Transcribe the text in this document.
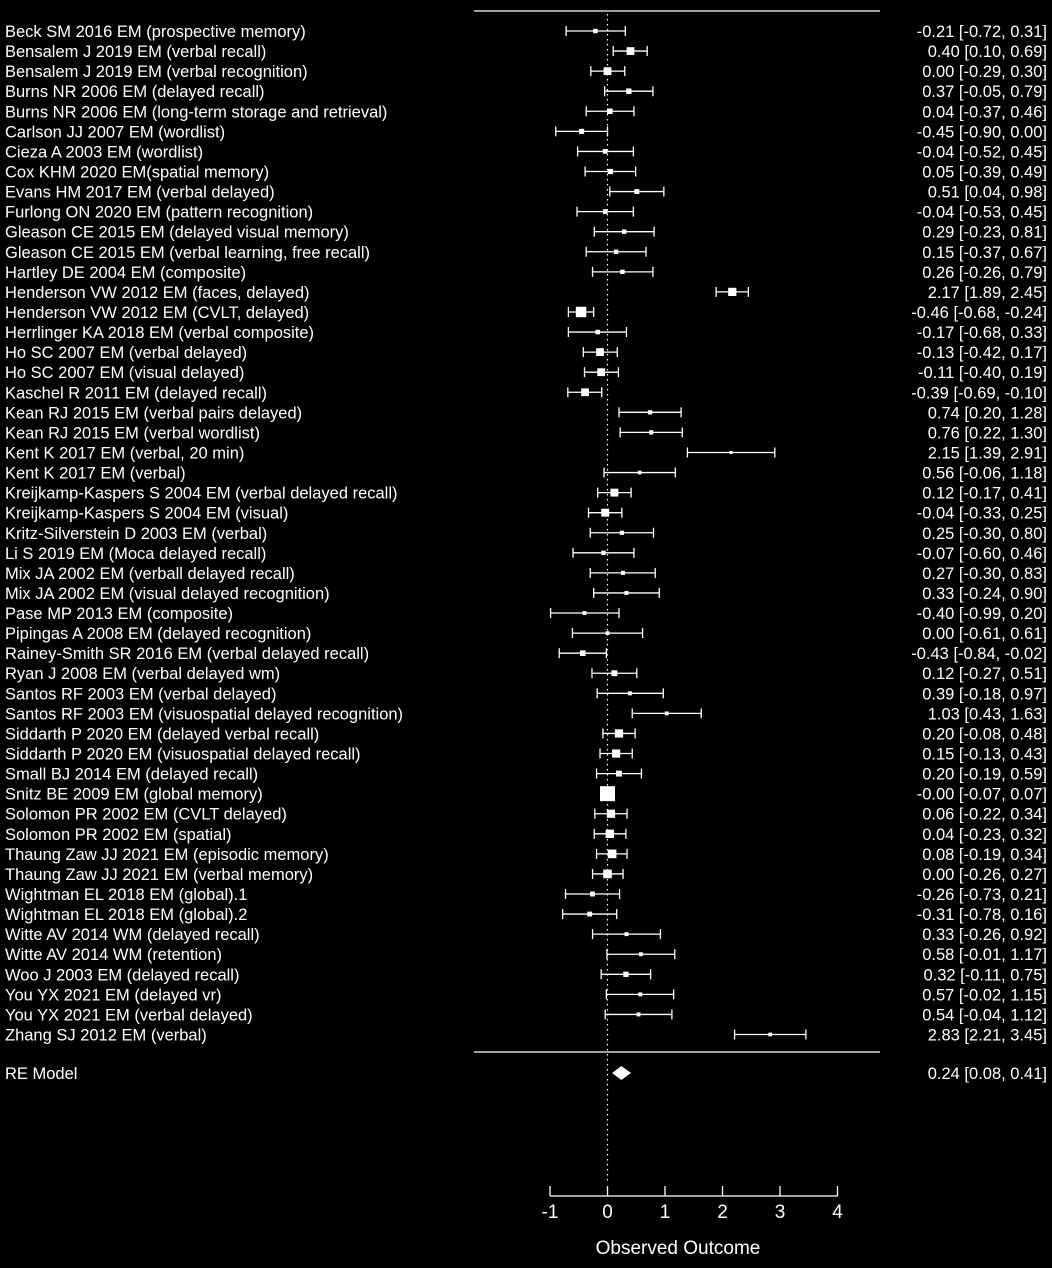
Beck SM 2016 EM (prospective memory)	-0.21 [-0.72, 0.31]
Bensalem J 2019 EM (verbal recall)	0.40 [0.10, 0.69]
Bensalem J 2019 EM (verbal recognition)	0.00 [-0.29, 0.30]
Burns NR 2006 EM (delayed recall)	0.37 [-0.05, 0.79]
Burns NR 2006 EM (long-term storage and retrieval)	0.04 [-0.37, 0.46]
Carlson JJ 2007 EM (wordlist)	-0.45 [-0.90, 0.00]
Cieza A 2003 EM (wordlist)	-0.04 [-0.52, 0.45]
Cox KHM 2020 EM(spatial memory)	0.05 [-0.39, 0.49]
Evans HM 2017 EM (verbal delayed)	0.51 [0.04, 0.98]
Furlong ON 2020 EM (pattern recognition)	-0.04 [-0.53, 0.45]
Gleason CE 2015 EM (delayed visual memory)	0.29 [-0.23, 0.81]
Gleason CE 2015 EM (verbal learning, free recall)	0.15 [-0.37, 0.67]
Hartley DE 2004 EM (composite)	0.26 [-0.26, 0.79]
Henderson VW 2012 EM (faces, delayed)	2.17 [1.89, 2.45]
Henderson VW 2012 EM (CVLT, delayed)	-0.46 [-0.68, -0.24]
Herrlinger KA 2018 EM (verbal composite)	-0.17 [-0.68, 0.33]
Ho SC 2007 EM (verbal delayed)	-0.13 [-0.42, 0.17]
Ho SC 2007 EM (visual delayed)	-0.11 [-0.40, 0.19]
Kaschel R 2011 EM (delayed recall)	-0.39 [-0.69, -0.10]
Kean RJ 2015 EM (verbal pairs delayed)	0.74 [0.20, 1.28]
Kean RJ 2015 EM (verbal wordlist)	0.76 [0.22, 1.30]
Kent K 2017 EM (verbal, 20 min)	2.15 [1.39, 2.91]
Kent K 2017 EM (verbal)	0.56 [-0.06, 1.18]
Kreijkamp-Kaspers S 2004 EM (verbal delayed recall)	0.12 [-0.17, 0.41]
Kreijkamp-Kaspers S 2004 EM (visual)	-0.04 [-0.33, 0.25]
Kritz-Silverstein D 2003 EM (verbal)	0.25 [-0.30, 0.80]
Li S 2019 EM (Moca delayed recall)	-0.07 [-0.60, 0.46]
Mix JA 2002 EM (verball delayed recall)	0.27 [-0.30, 0.83]
Mix JA 2002 EM (visual delayed recognition)	0.33 [-0.24, 0.90]
Pase MP 2013 EM (composite)	-0.40 [-0.99, 0.20]
Pipingas A 2008 EM (delayed recognition)	0.00 [-0.61, 0.61]
Rainey-Smith SR 2016 EM (verbal delayed recall)	-0.43 [-0.84, -0.02]
Ryan J 2008 EM (verbal delayed wm)	0.12 [-0.27, 0.51]
Santos RF 2003 EM (verbal delayed)	0.39 [-0.18, 0.97]
Santos RF 2003 EM (visuospatial delayed recognition)	1.03 [0.43, 1.63]
Siddarth P 2020 EM (delayed verbal recall)	0.20 [-0.08, 0.48]
Siddarth P 2020 EM (visuospatial delayed recall)	0.15 [-0.13, 0.43]
Small BJ 2014 EM (delayed recall)	0.20 [-0.19, 0.59]
Snitz BE 2009 EM (global memory)	-0.00 [-0.07, 0.07]
Solomon PR 2002 EM (CVLT delayed)	0.06 [-0.22, 0.34]
Solomon PR 2002 EM (spatial)	0.04 [-0.23, 0.32]
Thaung Zaw JJ 2021 EM (episodic memory)	0.08 [-0.19, 0.34]
Thaung Zaw JJ 2021 EM (verbal memory)	0.00 [-0.26, 0.27]
Wightman EL 2018 EM (global).1	-0.26 [-0.73, 0.21]
Wightman EL 2018 EM (global).2	-0.31 [-0.78, 0.16]
Witte AV 2014 WM (delayed recall)	0.33 [-0.26, 0.92]
Witte AV 2014 WM (retention)	0.58 [-0.01, 1.17]
Woo J 2003 EM (delayed recall)	0.32 [-0.11, 0.75]
You YX 2021 EM (delayed vr)	0.57 [-0.02, 1.15]
You YX 2021 EM (verbal delayed)	0.54 [-0.04, 1.12]
Zhang SJ 2012 EM (verbal)	2.83 [2.21, 3.45]
RE Model	0.24 [0.08, 0.41]
-1 0 1 2 3 4
Observed Outcome
